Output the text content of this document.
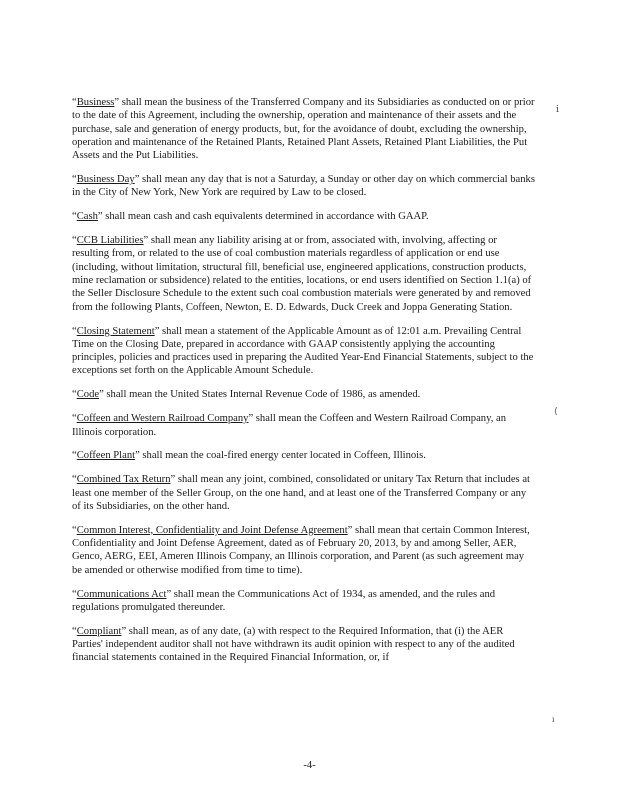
“Business” shall mean the business of the Transferred Company and its Subsidiaries as conducted on or prior to the date of this Agreement, including the ownership, operation and maintenance of their assets and the purchase, sale and generation of energy products, but, for the avoidance of doubt, excluding the ownership, operation and maintenance of the Retained Plants, Retained Plant Assets, Retained Plant Liabilities, the Put Assets and the Put Liabilities.

“Business Day” shall mean any day that is not a Saturday, a Sunday or other day on which commercial banks in the City of New York, New York are required by Law to be closed.

“Cash” shall mean cash and cash equivalents determined in accordance with GAAP.

“CCB Liabilities” shall mean any liability arising at or from, associated with, involving, affecting or resulting from, or related to the use of coal combustion materials regardless of application or end use (including, without limitation, structural fill, beneficial use, engineered applications, construction products, mine reclamation or subsidence) related to the entities, locations, or end users identified on Section 1.1(a) of the Seller Disclosure Schedule to the extent such coal combustion materials were generated by and removed from the following Plants, Coffeen, Newton, E. D. Edwards, Duck Creek and Joppa Generating Station.

“Closing Statement” shall mean a statement of the Applicable Amount as of 12:01 a.m. Prevailing Central Time on the Closing Date, prepared in accordance with GAAP consistently applying the accounting principles, policies and practices used in preparing the Audited Year-End Financial Statements, subject to the exceptions set forth on the Applicable Amount Schedule.

“Code” shall mean the United States Internal Revenue Code of 1986, as amended.

“Coffeen and Western Railroad Company” shall mean the Coffeen and Western Railroad Company, an Illinois corporation.

“Coffeen Plant” shall mean the coal-fired energy center located in Coffeen, Illinois.

“Combined Tax Return” shall mean any joint, combined, consolidated or unitary Tax Return that includes at least one member of the Seller Group, on the one hand, and at least one of the Transferred Company or any of its Subsidiaries, on the other hand.

“Common Interest, Confidentiality and Joint Defense Agreement” shall mean that certain Common Interest, Confidentiality and Joint Defense Agreement, dated as of February 20, 2013, by and among Seller, AER, Genco, AERG, EEI, Ameren Illinois Company, an Illinois corporation, and Parent (as such agreement may be amended or otherwise modified from time to time).

“Communications Act” shall mean the Communications Act of 1934, as amended, and the rules and regulations promulgated thereunder.

“Compliant” shall mean, as of any date, (a) with respect to the Required Information, that (i) the AER Parties' independent auditor shall not have withdrawn its audit opinion with respect to any of the audited financial statements contained in the Required Financial Information, or, if

ⅰ
⟨
ı
-4-
